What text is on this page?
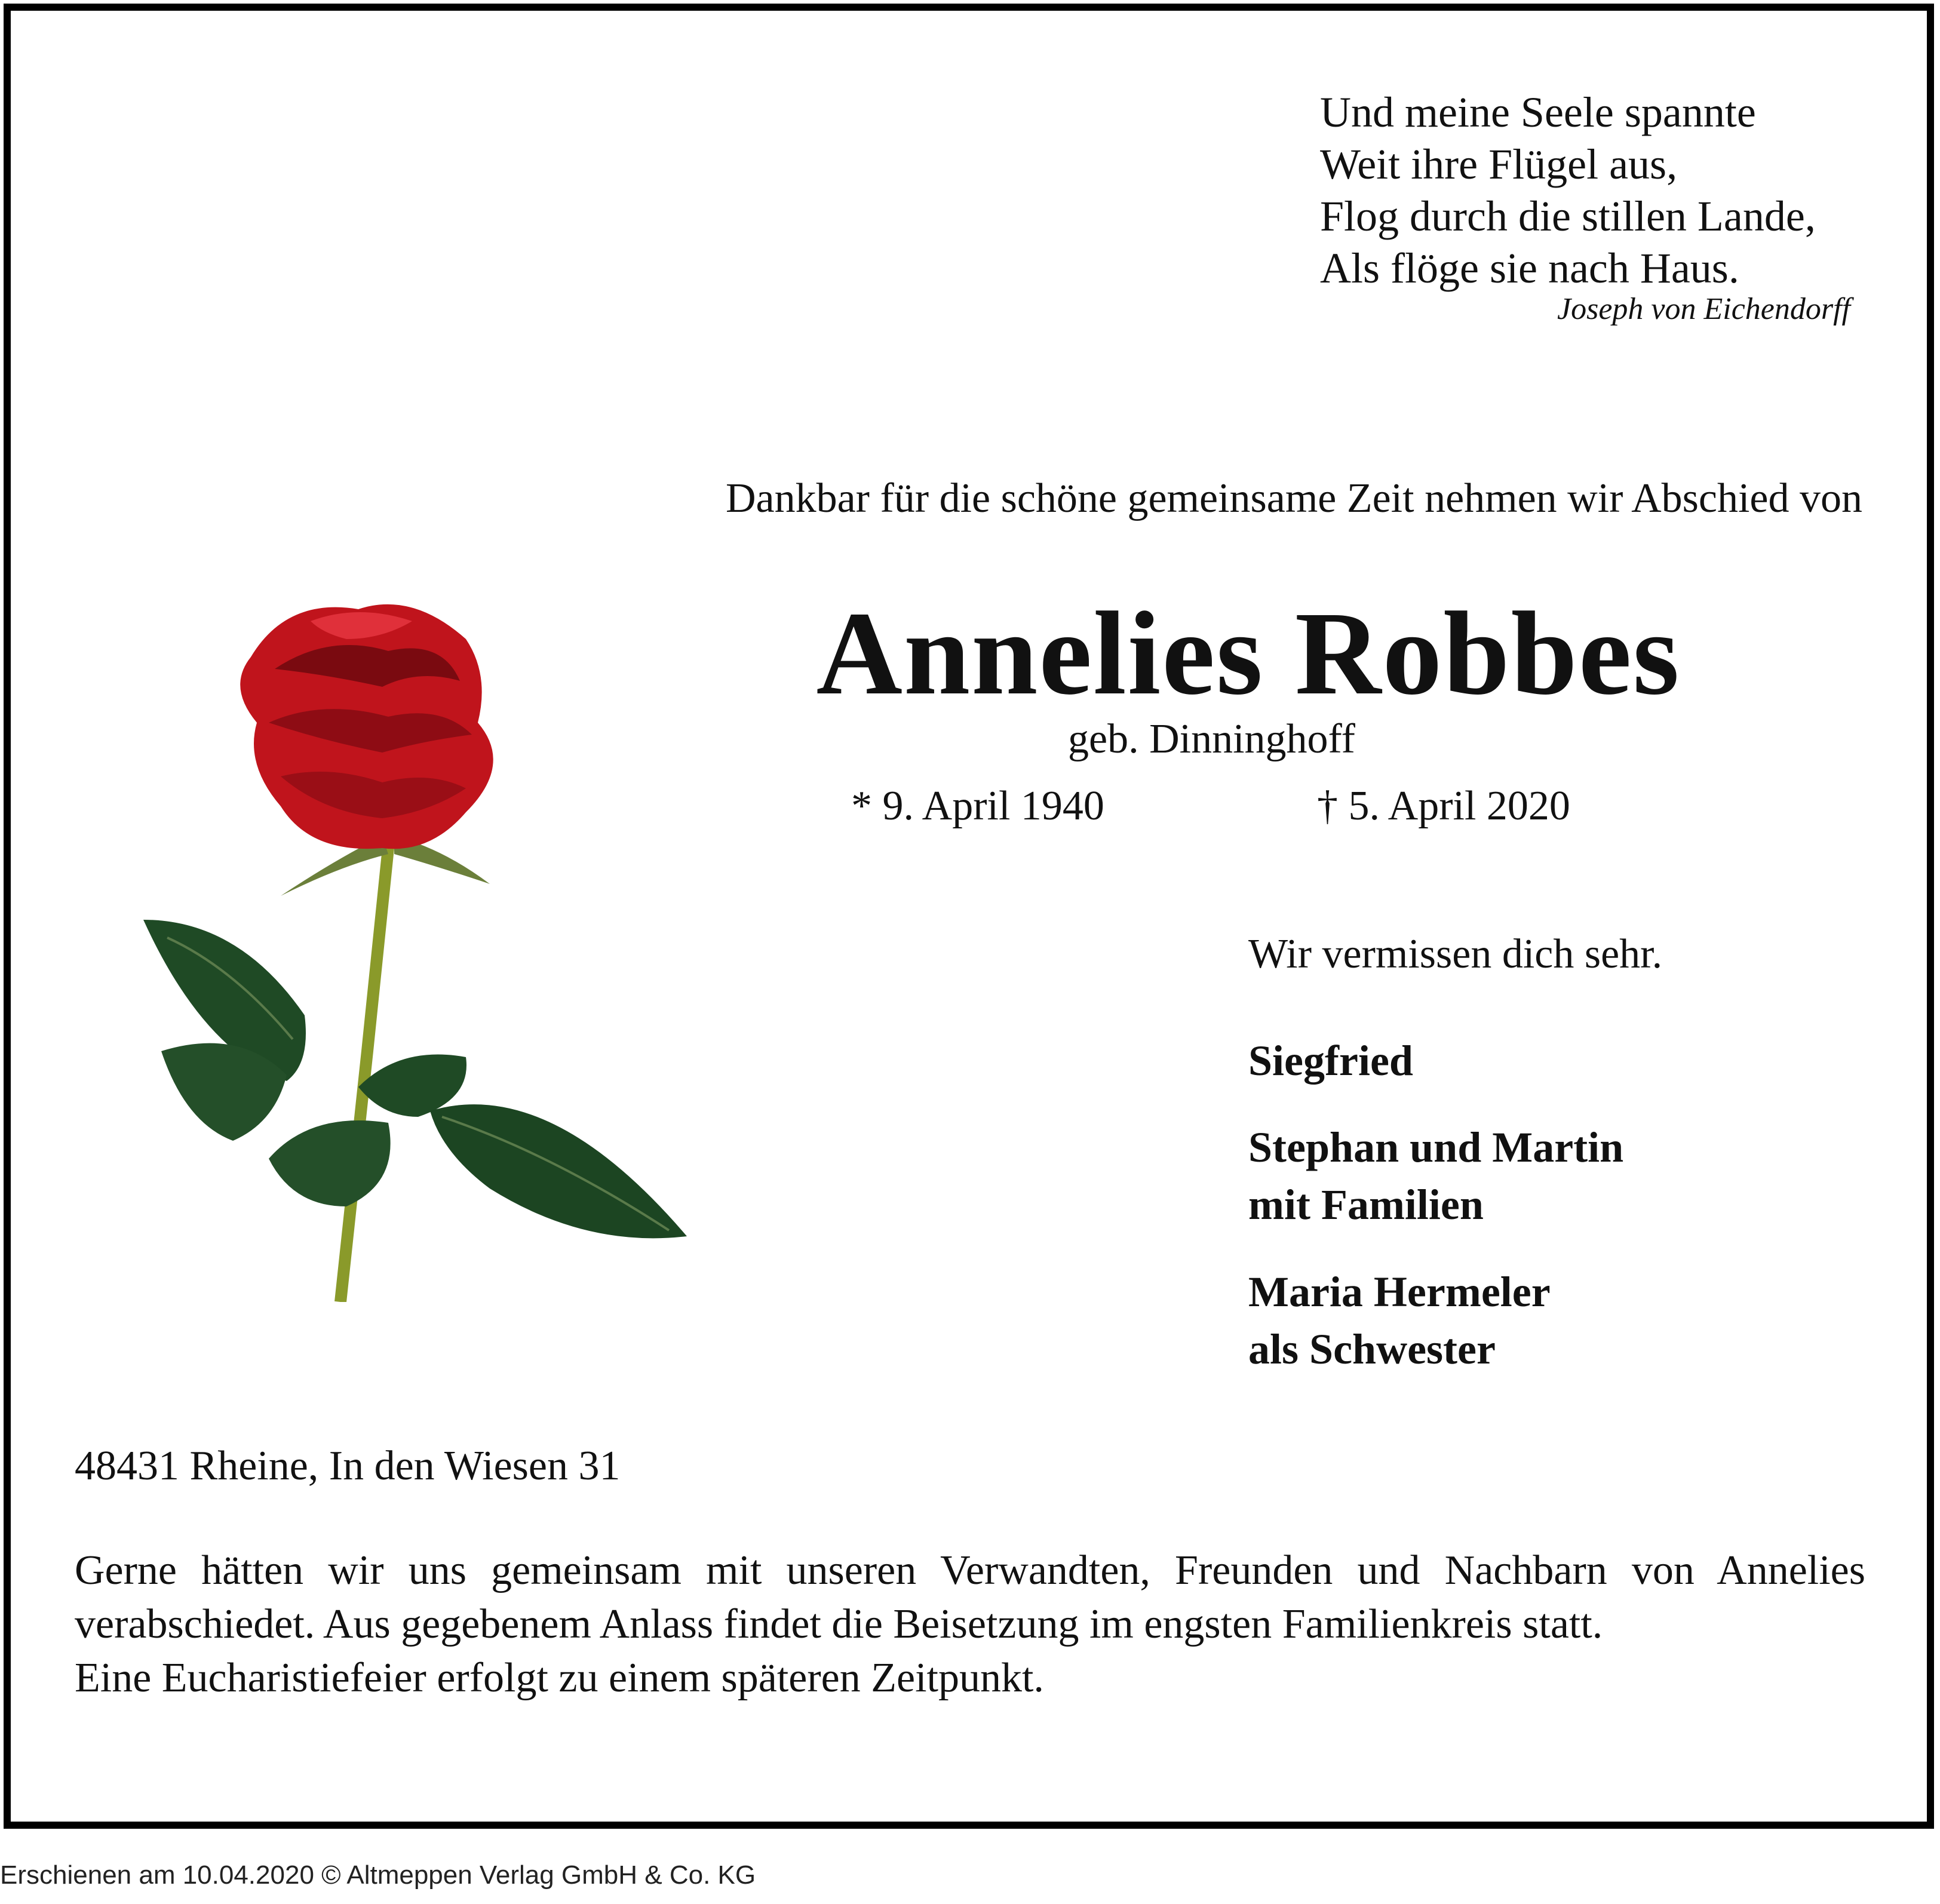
Und meine Seele spannte
Weit ihre Flügel aus,
Flog durch die stillen Lande,
Als flöge sie nach Haus.
Joseph von Eichendorff
Dankbar für die schöne gemeinsame Zeit nehmen wir Abschied von
Annelies Robbes
geb. Dinninghoff
* 9. April 1940	† 5. April 2020
Wir vermissen dich sehr.
Siegfried
Stephan und Martin
mit Familien
Maria Hermeler
als Schwester
48431 Rheine, In den Wiesen 31

Gerne hätten wir uns gemeinsam mit unseren Verwandten, Freunden und Nachbarn von Annelies verabschiedet. Aus gegebenem Anlass findet die Beisetzung im engsten Familienkreis statt.

Eine Eucharistiefeier erfolgt zu einem späteren Zeitpunkt.

Erschienen am 10.04.2020 © Altmeppen Verlag GmbH & Co. KG
